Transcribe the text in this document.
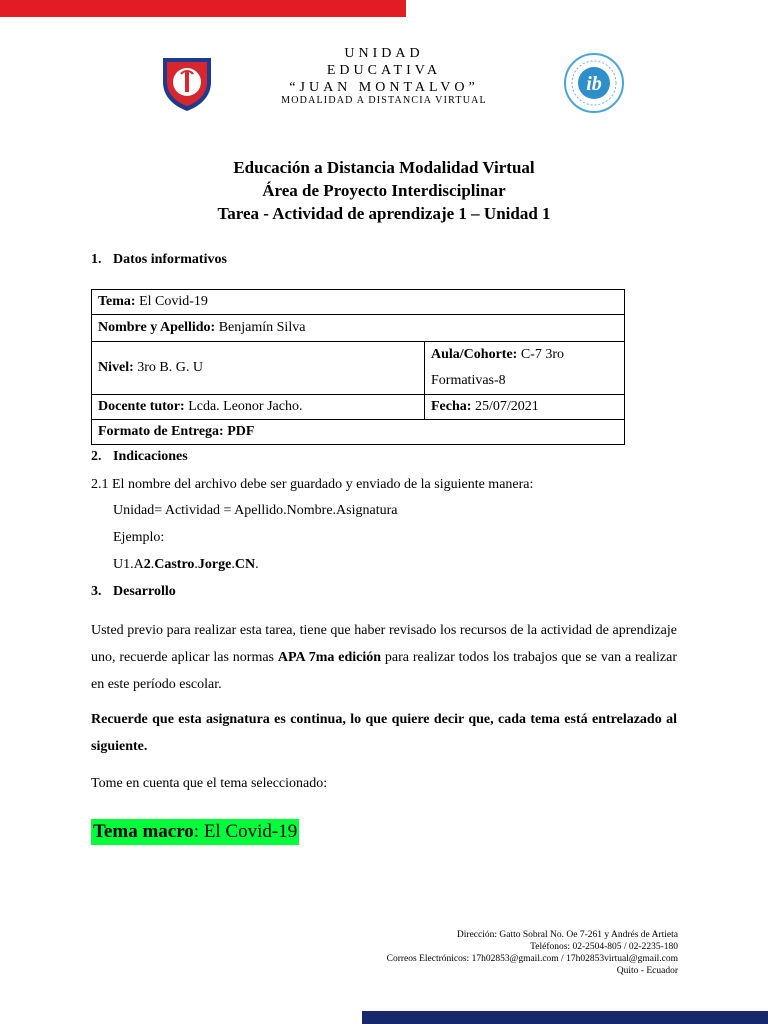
UNIDAD
EDUCATIVA
“JUAN MONTALVO”
MODALIDAD A DISTANCIA VIRTUAL
ib
Educación a Distancia Modalidad Virtual
Área de Proyecto Interdisciplinar
Tarea - Actividad de aprendizaje 1 – Unidad 1
1. Datos informativos
Tema: El Covid-19	
Nombre y Apellido: Benjamín Silva	
Nivel: 3ro B. G. U	Aula/Cohorte: C-7 3ro
Formativas-8
Docente tutor: Lcda. Leonor Jacho.	Fecha: 25/07/2021
Formato de Entrega: PDF	
2. Indicaciones
2.1 El nombre del archivo debe ser guardado y enviado de la siguiente manera:
Unidad= Actividad = Apellido.Nombre.Asignatura
Ejemplo:
U1.A2.Castro.Jorge.CN.
3. Desarrollo
Usted previo para realizar esta tarea, tiene que haber revisado los recursos de la actividad de aprendizaje uno, recuerde aplicar las normas APA 7ma edición para realizar todos los trabajos que se van a realizar en este período escolar.
Recuerde que esta asignatura es continua, lo que quiere decir que, cada tema está entrelazado al siguiente.
Tome en cuenta que el tema seleccionado:
Tema macro: El Covid-19
Dirección: Gatto Sobral No. Oe 7-261 y Andrés de Artieta
Teléfonos: 02-2504-805 / 02-2235-180
Correos Electrónicos: 17h02853@gmail.com / 17h02853virtual@gmail.com
Quito - Ecuador
